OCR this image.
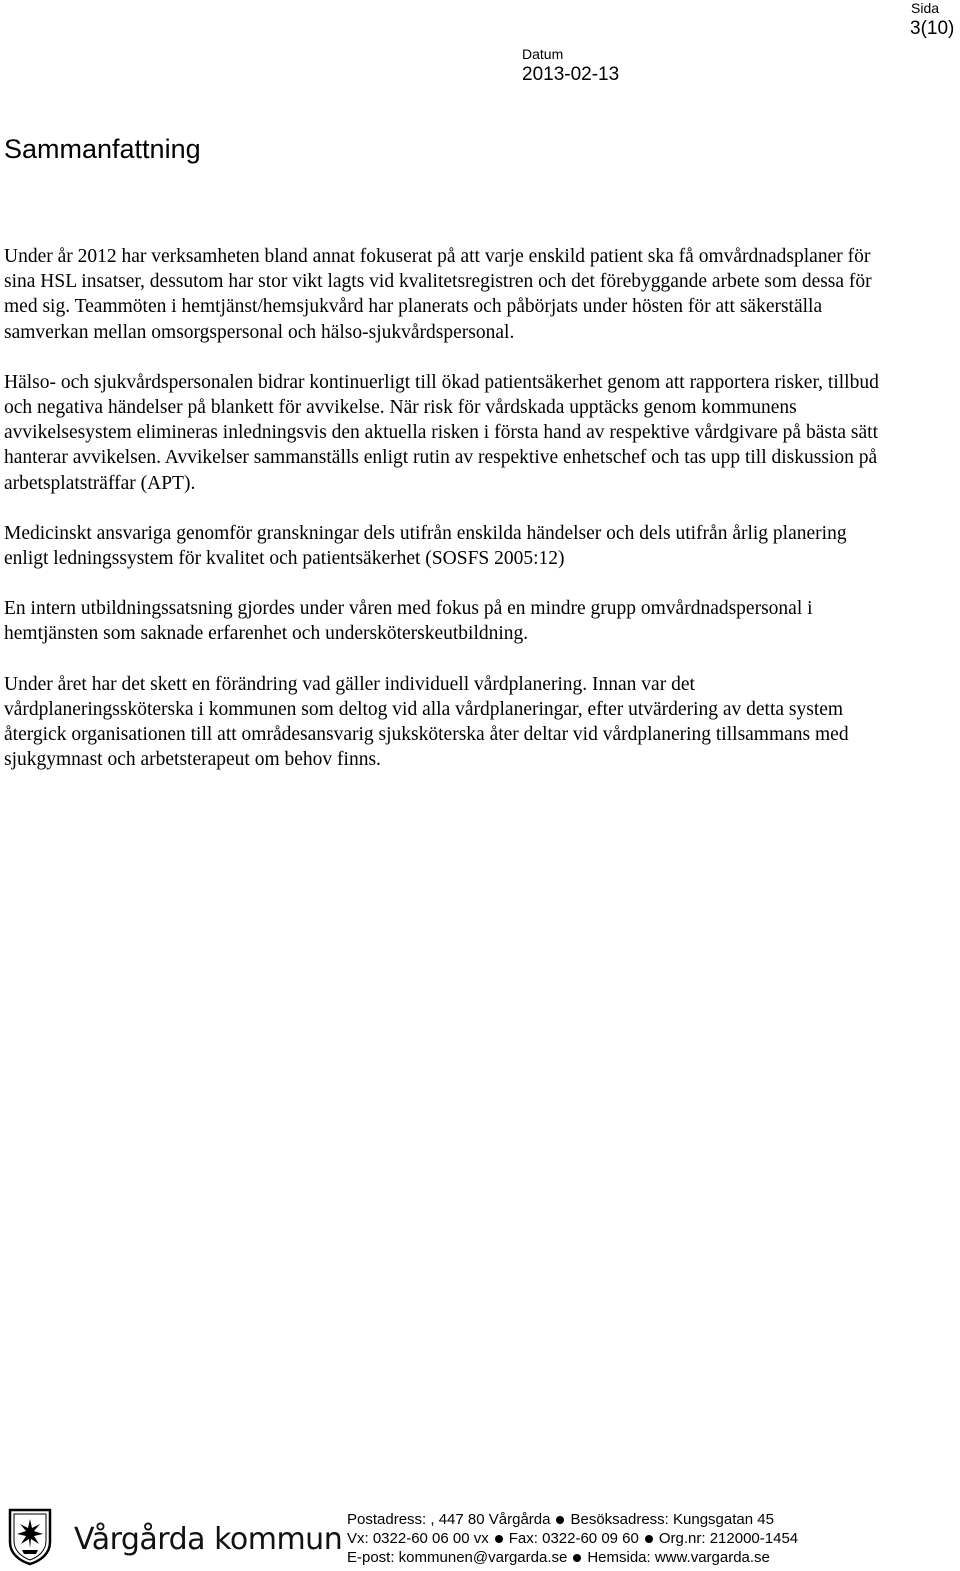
Sida
3(10)
Datum
2013-02-13
Sammanfattning

Under år 2012 har verksamheten bland annat fokuserat på att varje enskild patient ska få omvårdnadsplaner för sina HSL insatser, dessutom har stor vikt lagts vid kvalitetsregistren och det förebyggande arbete som dessa för med sig. Teammöten i hemtjänst/hemsjukvård har planerats och påbörjats under hösten för att säkerställa samverkan mellan omsorgspersonal och hälso-sjukvårdspersonal.

Hälso- och sjukvårdspersonalen bidrar kontinuerligt till ökad patientsäkerhet genom att rapportera risker, tillbud och negativa händelser på blankett för avvikelse. När risk för vårdskada upptäcks genom kommunens avvikelsesystem elimineras inledningsvis den aktuella risken i första hand av respektive vårdgivare på bästa sätt hanterar avvikelsen. Avvikelser sammanställs enligt rutin av respektive enhetschef och tas upp till diskussion på arbetsplatsträffar (APT).

Medicinskt ansvariga genomför granskningar dels utifrån enskilda händelser och dels utifrån årlig planering enligt ledningssystem för kvalitet och patientsäkerhet (SOSFS 2005:12)

En intern utbildningssatsning gjordes under våren med fokus på en mindre grupp omvårdnadspersonal i hemtjänsten som saknade erfarenhet och undersköterskeutbildning.

Under året har det skett en förändring vad gäller individuell vårdplanering. Innan var det vårdplaneringssköterska i kommunen som deltog vid alla vårdplaneringar, efter utvärdering av detta system återgick organisationen till att områdesansvarig sjuksköterska åter deltar vid vårdplanering tillsammans med sjukgymnast och arbetsterapeut om behov finns.

Vårgårda kommun
Postadress: , 447 80 Vårgårda Besöksadress: Kungsgatan 45
Vx: 0322-60 06 00 vx Fax: 0322-60 09 60 Org.nr: 212000-1454
E-post: kommunen@vargarda.se Hemsida: www.vargarda.se
